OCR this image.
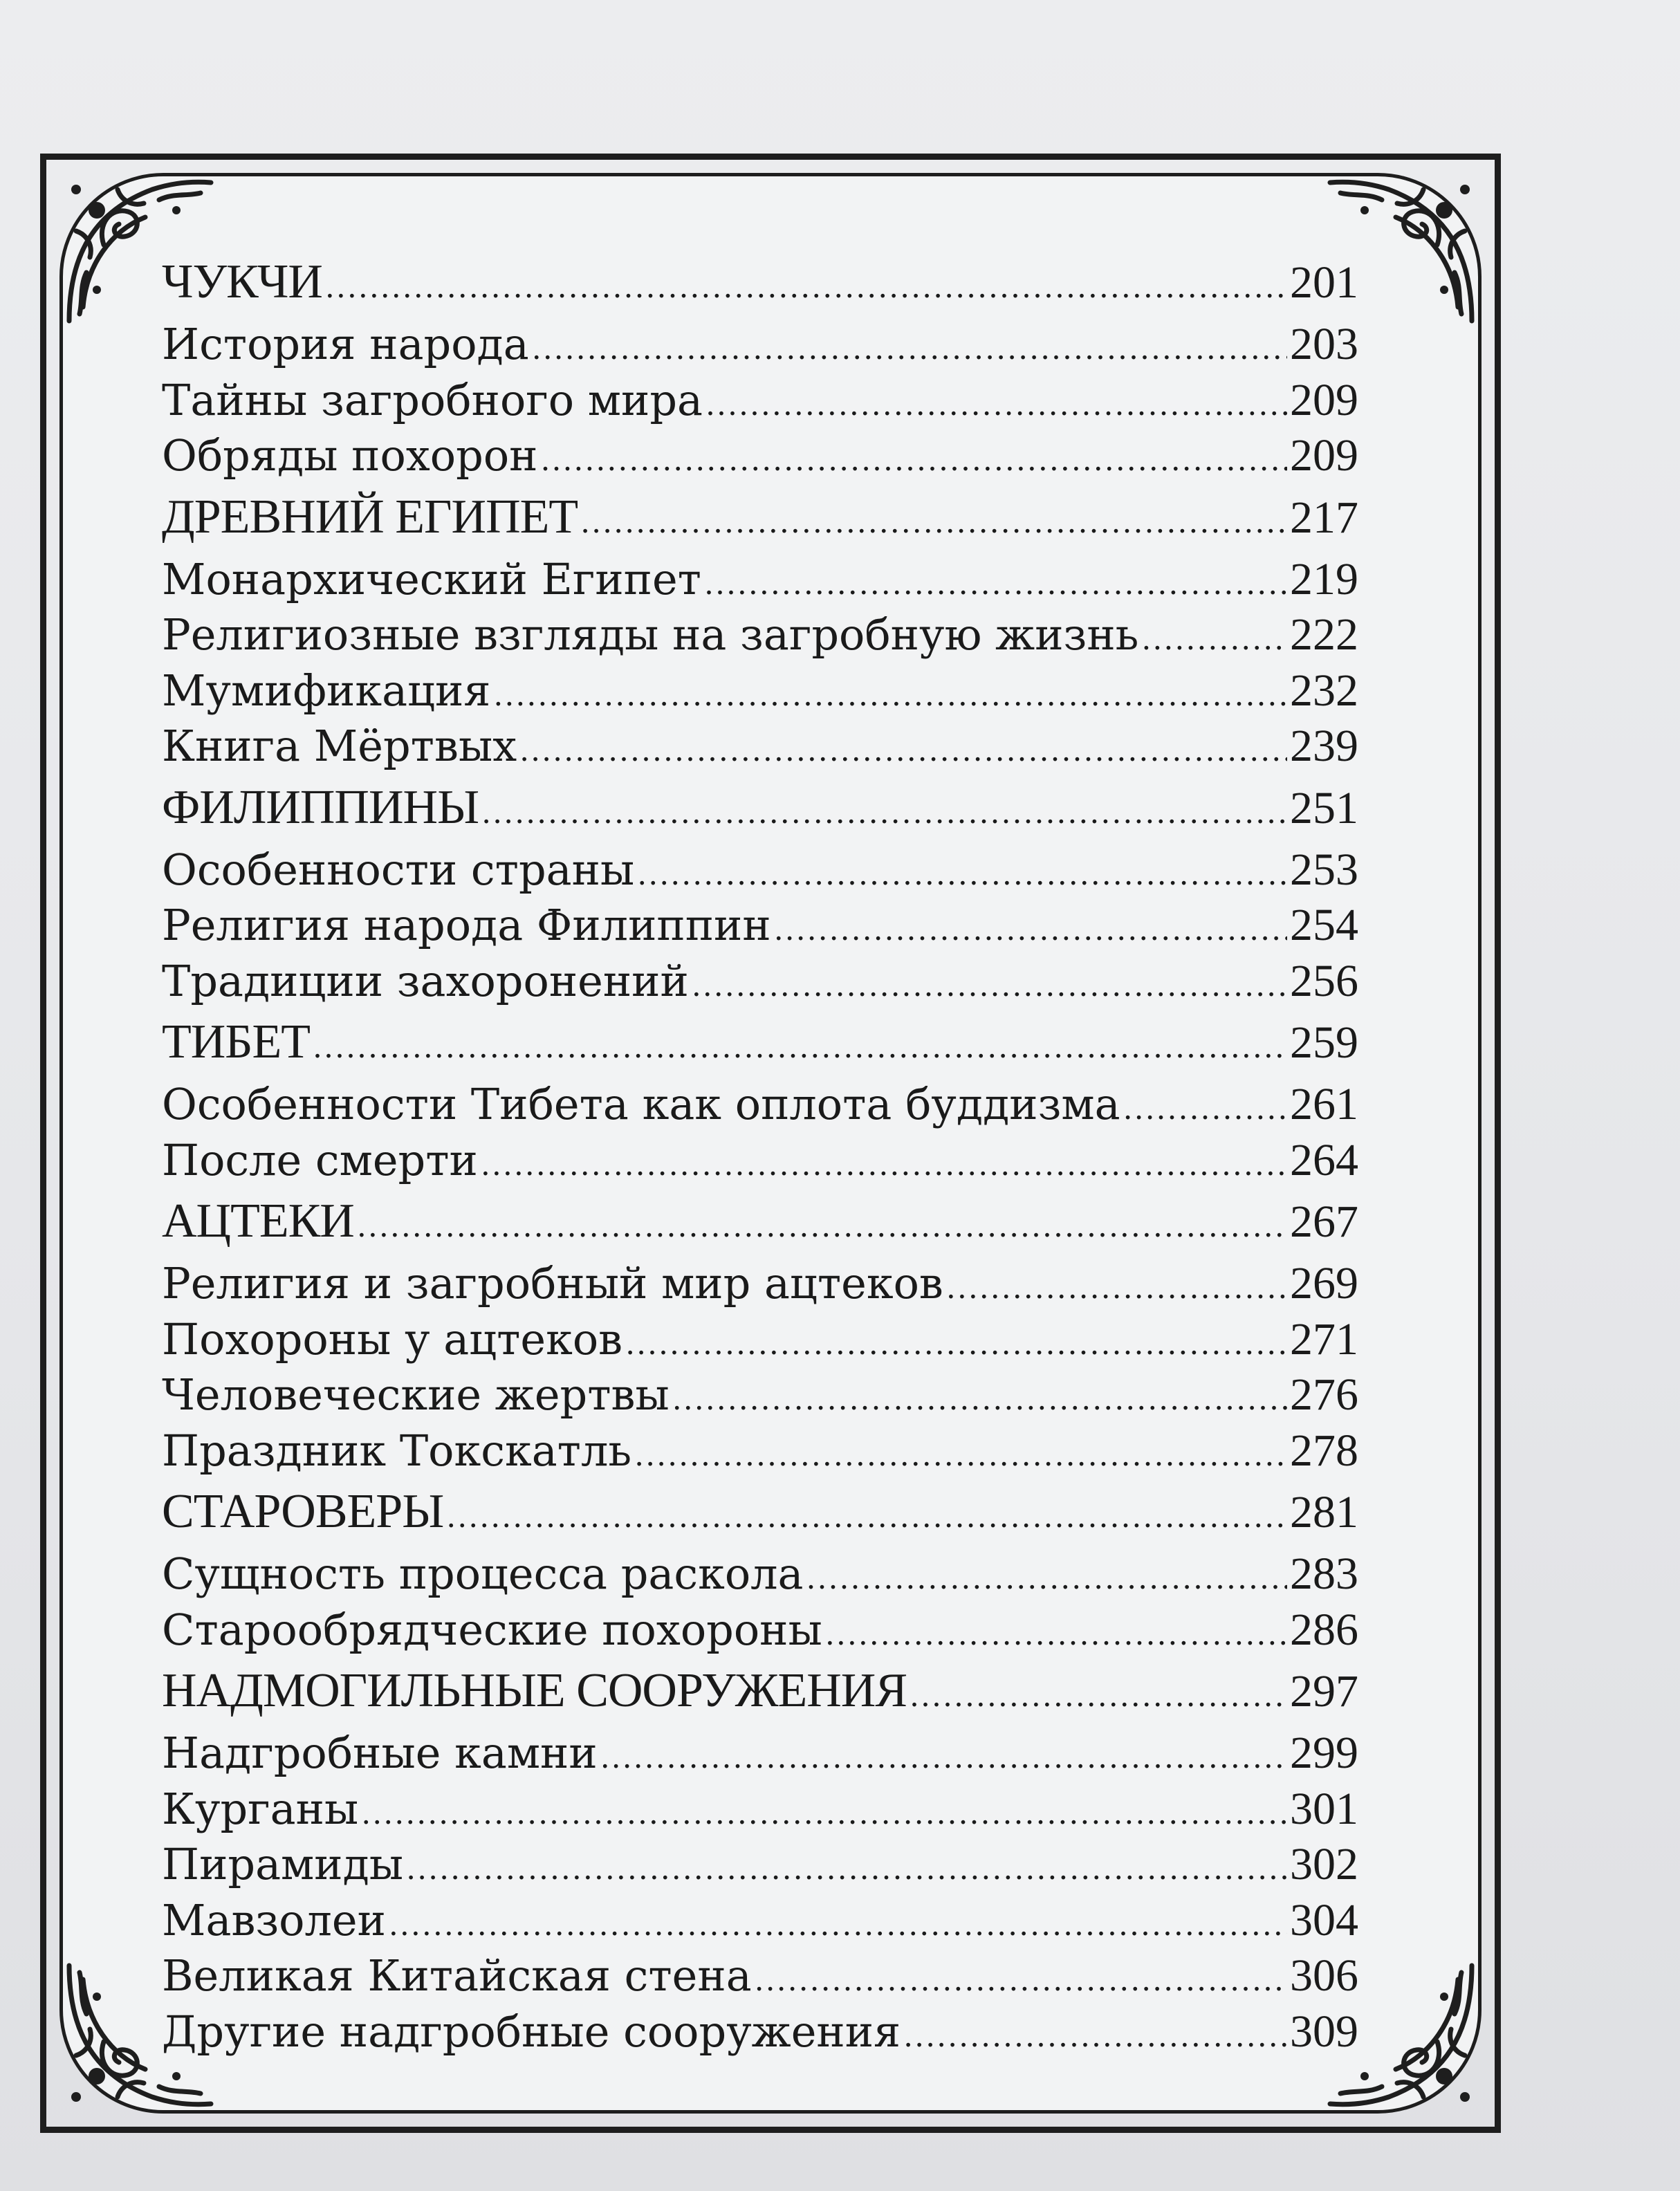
ЧУКЧИ .....	201
История народа .....	203
Тайны загробного мира .....	209
Обряды похорон .....	209
ДРЕВНИЙ ЕГИПЕТ .....	217
Монархический Египет .....	219
Религиозные взгляды на загробную жизнь .....	222
Мумификация .....	232
Книга Мёртвых .....	239
ФИЛИППИНЫ .....	251
Особенности страны .....	253
Религия народа Филиппин .....	254
Традиции захоронений .....	256
ТИБЕТ .....	259
Особенности Тибета как оплота буддизма .....	261
После смерти .....	264
АЦТЕКИ .....	267
Религия и загробный мир ацтеков .....	269
Похороны у ацтеков .....	271
Человеческие жертвы .....	276
Праздник Токскатль .....	278
СТАРОВЕРЫ .....	281
Сущность процесса раскола .....	283
Старообрядческие похороны .....	286
НАДМОГИЛЬНЫЕ СООРУЖЕНИЯ .....	297
Надгробные камни .....	299
Курганы .....	301
Пирамиды .....	302
Мавзолеи .....	304
Великая Китайская стена .....	306
Другие надгробные сооружения .....	309
